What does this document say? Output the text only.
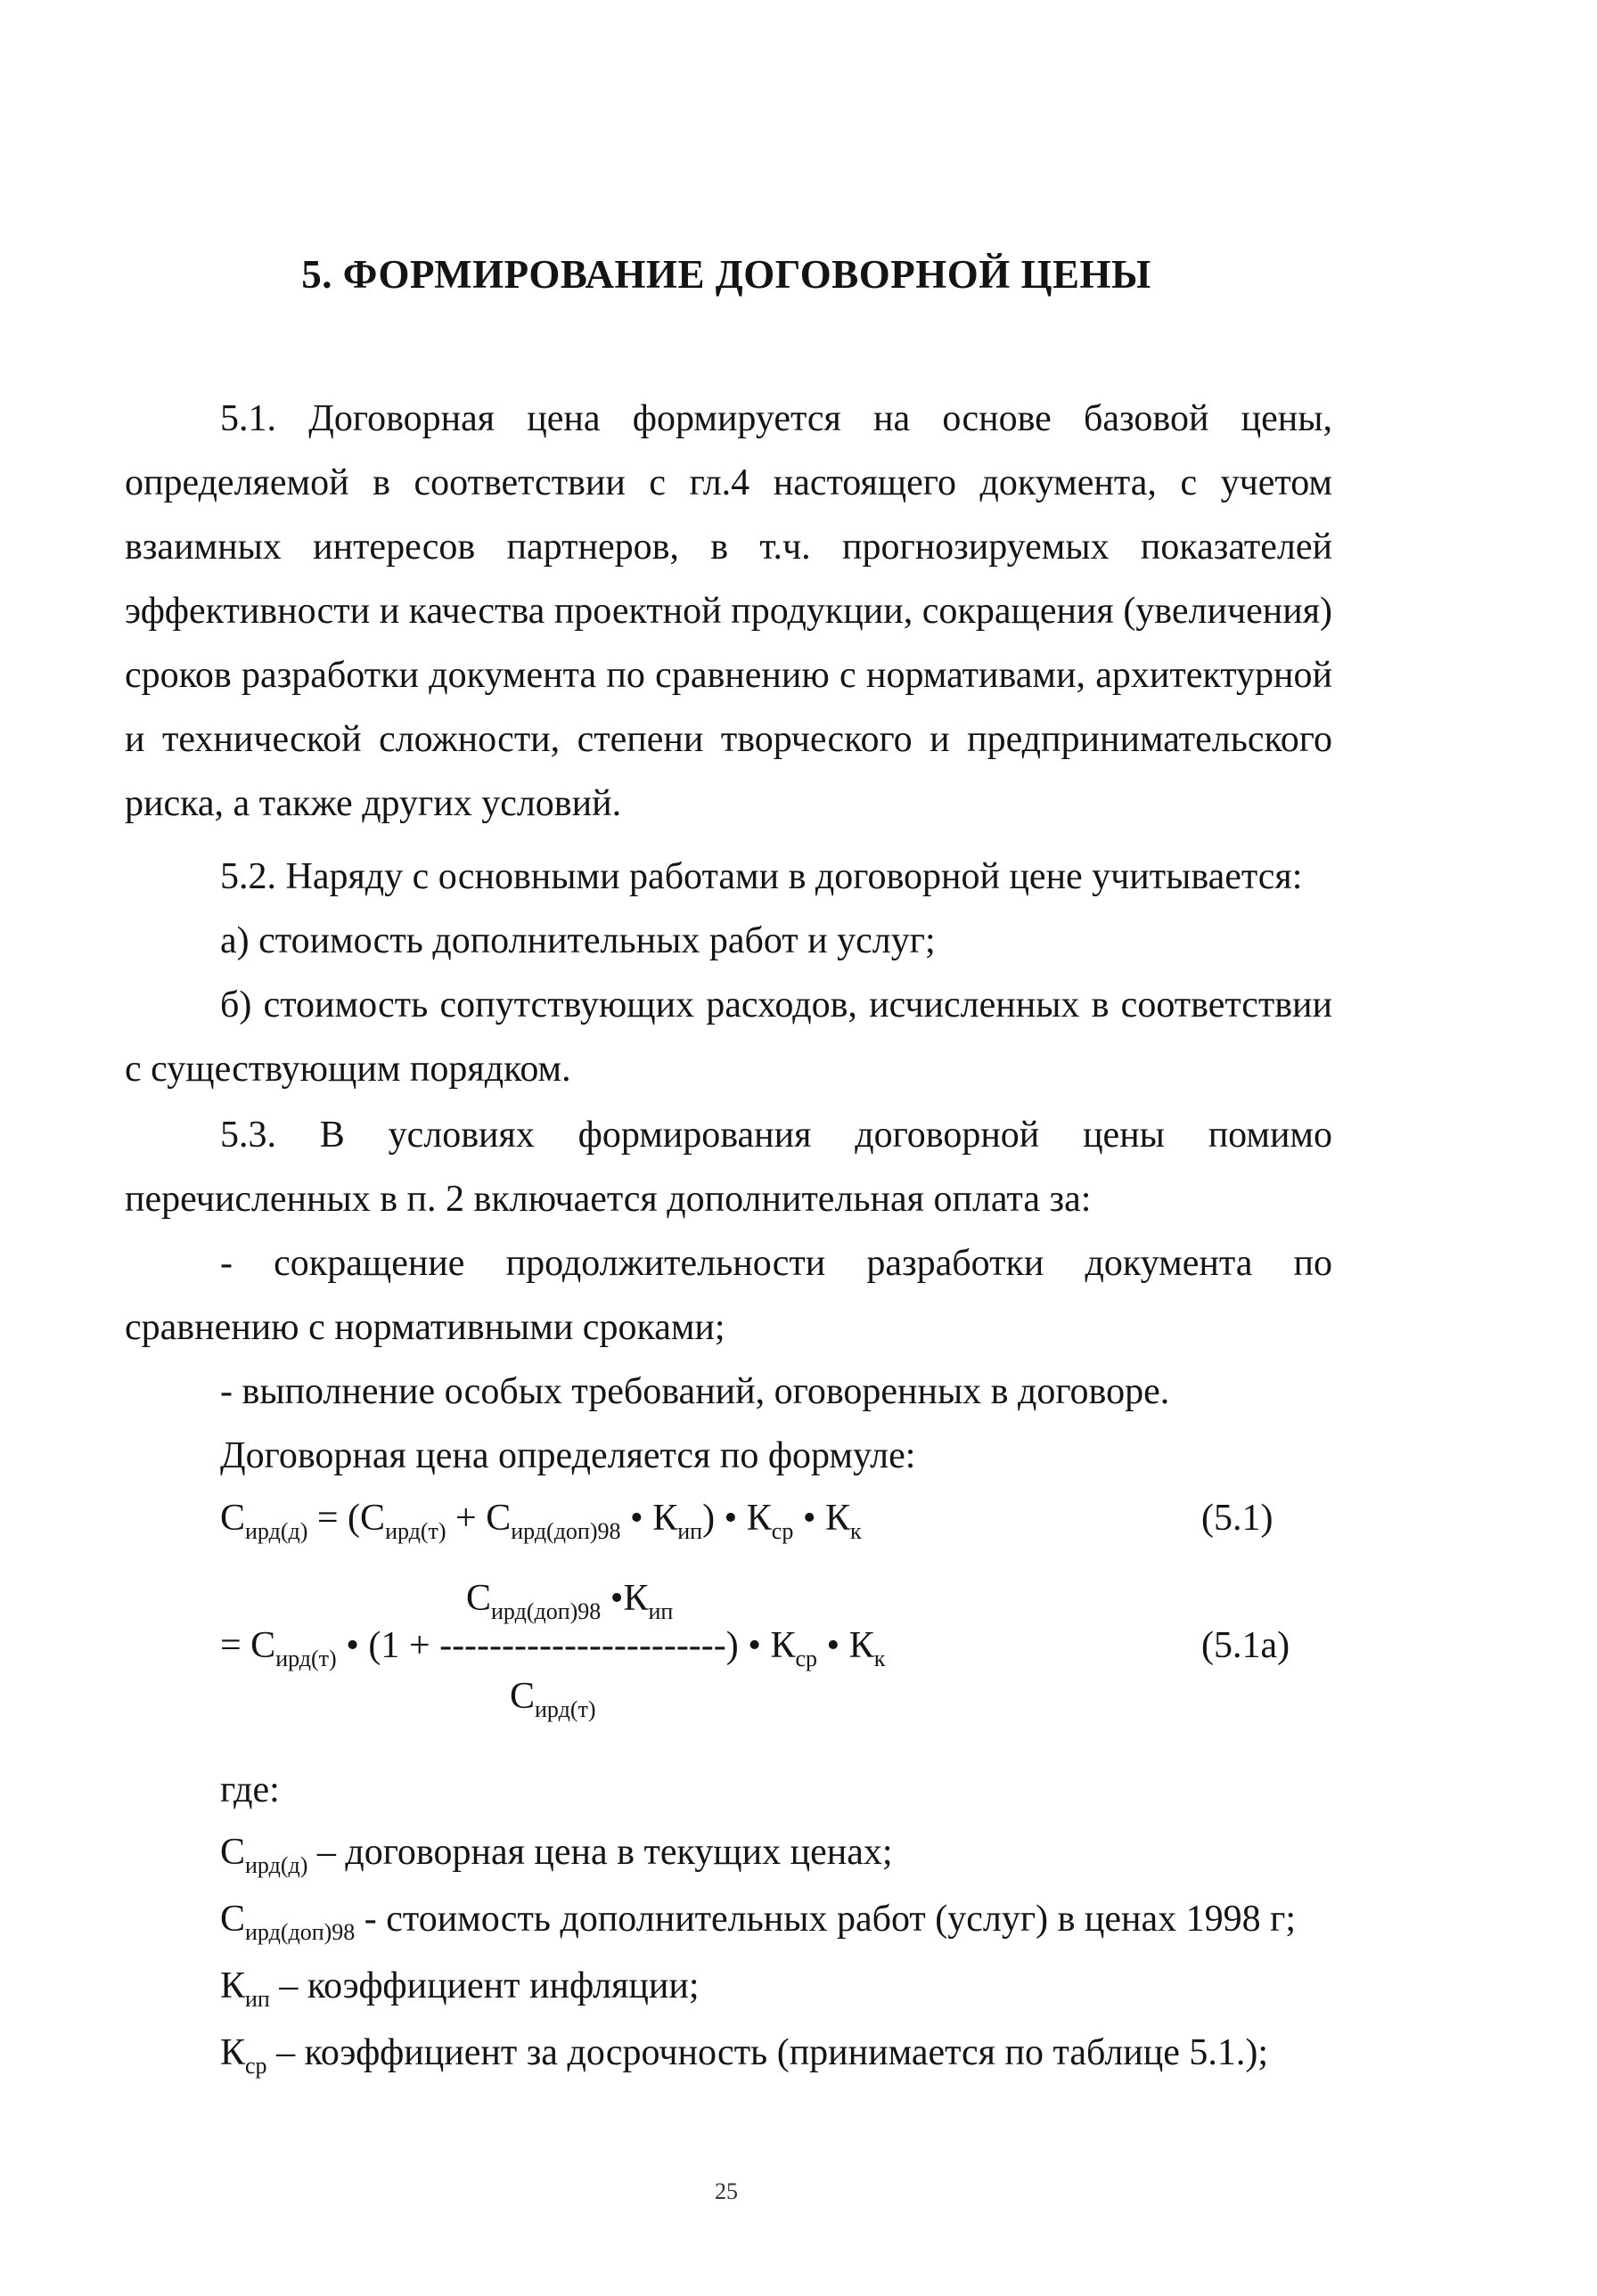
5. ФОРМИРОВАНИЕ ДОГОВОРНОЙ ЦЕНЫ
5.1. Договорная цена формируется на основе базовой цены, определяемой в соответствии с гл.4 настоящего документа, с учетом взаимных интересов партнеров, в т.ч. прогнозируемых показателей эффективности и качества проектной продукции, сокращения (увеличения) сроков разработки документа по сравнению с нормативами, архитектурной и технической сложности, степени творческого и предпринимательского риска, а также других условий.
5.2. Наряду с основными работами в договорной цене учитывается:
а) стоимость дополнительных работ и услуг;
б) стоимость сопутствующих расходов, исчисленных в соответствии с существующим порядком.
5.3. В условиях формирования договорной цены помимо перечисленных в п. 2 включается дополнительная оплата за:
- сокращение продолжительности разработки документа по сравнению с нормативными сроками;
- выполнение особых требований, оговоренных в договоре.
Договорная цена определяется по формуле:
$С_{ирд(д)} = (С_{ирд(т)} + С_{ирд(доп)98}$ • $К_{ип}$) • $К_{ср}$ • $К_к$	(5.1)
$С_{ирд(доп)98}$ $•К_{ип}$
= $С_{ирд(т)}$ • (1 + -----------------------) • $К_{ср}$ • $К_к$	(5.1а)
$С_{ирд(т)}$
где:
$С_{ирд(д)}$ – договорная цена в текущих ценах;
$С_{ирд(доп)98}$ - стоимость дополнительных работ (услуг) в ценах 1998 г;
$К_{ип}$ – коэффициент инфляции;
$К_{ср}$ – коэффициент за досрочность (принимается по таблице 5.1.);
25
